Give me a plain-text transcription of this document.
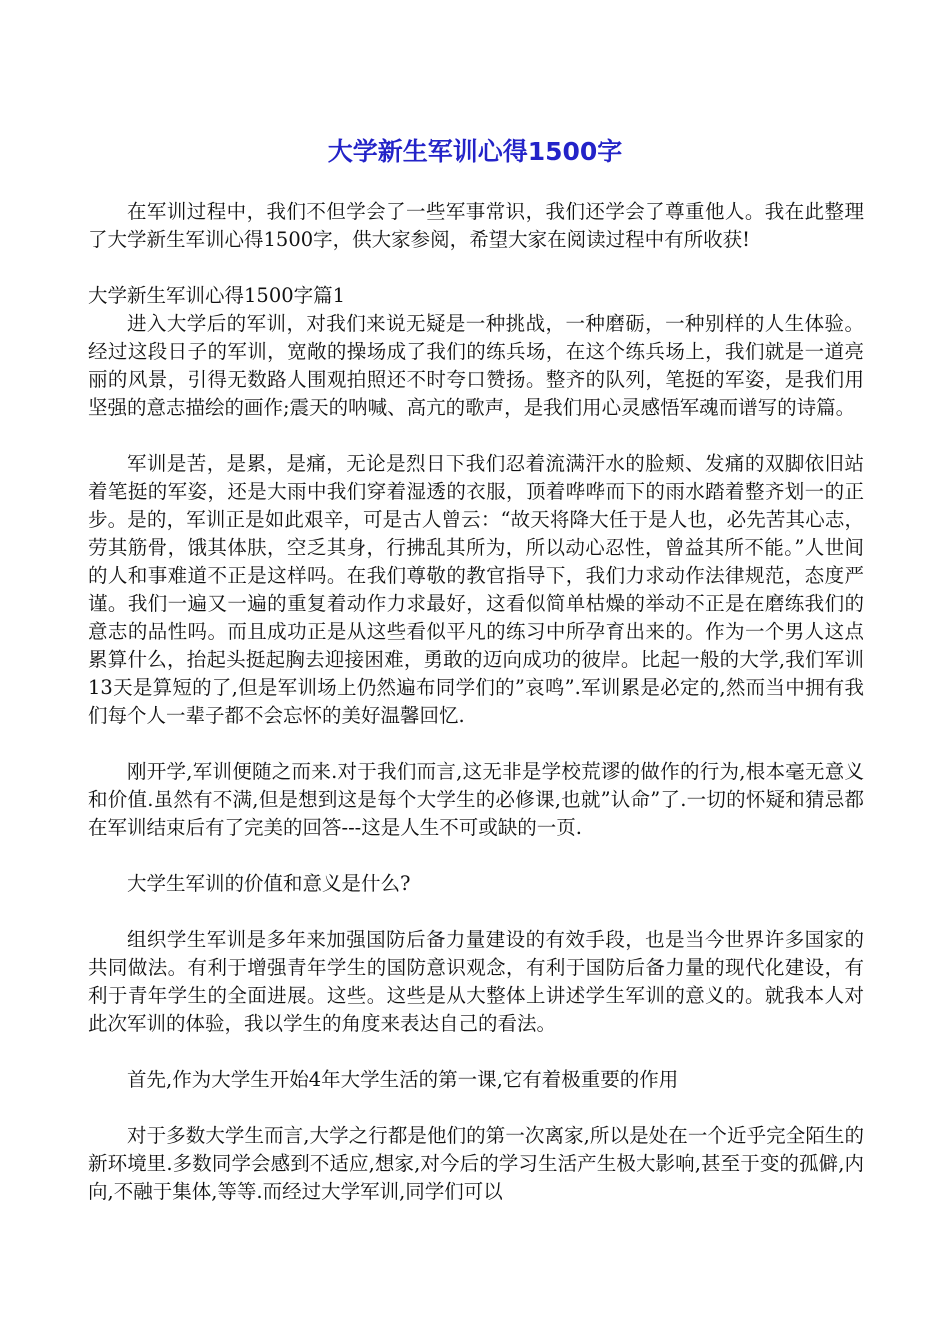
大学新生军训心得1500字

在军训过程中，我们不但学会了一些军事常识，我们还学会了尊重他人。我在此整理了大学新生军训心得1500字，供大家参阅，希望大家在阅读过程中有所收获!

大学新生军训心得1500字篇1

进入大学后的军训，对我们来说无疑是一种挑战，一种磨砺，一种别样的人生体验。经过这段日子的军训，宽敞的操场成了我们的练兵场，在这个练兵场上，我们就是一道亮丽的风景，引得无数路人围观拍照还不时夸口赞扬。整齐的队列，笔挺的军姿，是我们用坚强的意志描绘的画作;震天的呐喊、高亢的歌声，是我们用心灵感悟军魂而谱写的诗篇。

军训是苦，是累，是痛，无论是烈日下我们忍着流满汗水的脸颊、发痛的双脚依旧站着笔挺的军姿，还是大雨中我们穿着湿透的衣服，顶着哗哗而下的雨水踏着整齐划一的正步。是的，军训正是如此艰辛，可是古人曾云：“故天将降大任于是人也，必先苦其心志，劳其筋骨，饿其体肤，空乏其身，行拂乱其所为，所以动心忍性，曾益其所不能。”人世间的人和事难道不正是这样吗。在我们尊敬的教官指导下，我们力求动作法律规范，态度严谨。我们一遍又一遍的重复着动作力求最好，这看似简单枯燥的举动不正是在磨练我们的意志的品性吗。而且成功正是从这些看似平凡的练习中所孕育出来的。作为一个男人这点累算什么，抬起头挺起胸去迎接困难，勇敢的迈向成功的彼岸。比起一般的大学,我们军训13天是算短的了,但是军训场上仍然遍布同学们的”哀鸣”.军训累是必定的,然而当中拥有我们每个人一辈子都不会忘怀的美好温馨回忆.

刚开学,军训便随之而来.对于我们而言,这无非是学校荒谬的做作的行为,根本毫无意义和价值.虽然有不满,但是想到这是每个大学生的必修课,也就”认命”了.一切的怀疑和猜忌都在军训结束后有了完美的回答---这是人生不可或缺的一页.

大学生军训的价值和意义是什么?

组织学生军训是多年来加强国防后备力量建设的有效手段，也是当今世界许多国家的共同做法。有利于增强青年学生的国防意识观念，有利于国防后备力量的现代化建设，有利于青年学生的全面进展。这些。这些是从大整体上讲述学生军训的意义的。就我本人对此次军训的体验，我以学生的角度来表达自己的看法。

首先,作为大学生开始4年大学生活的第一课,它有着极重要的作用

对于多数大学生而言,大学之行都是他们的第一次离家,所以是处在一个近乎完全陌生的新环境里.多数同学会感到不适应,想家,对今后的学习生活产生极大影响,甚至于变的孤僻,内向,不融于集体,等等.而经过大学军训,同学们可以
